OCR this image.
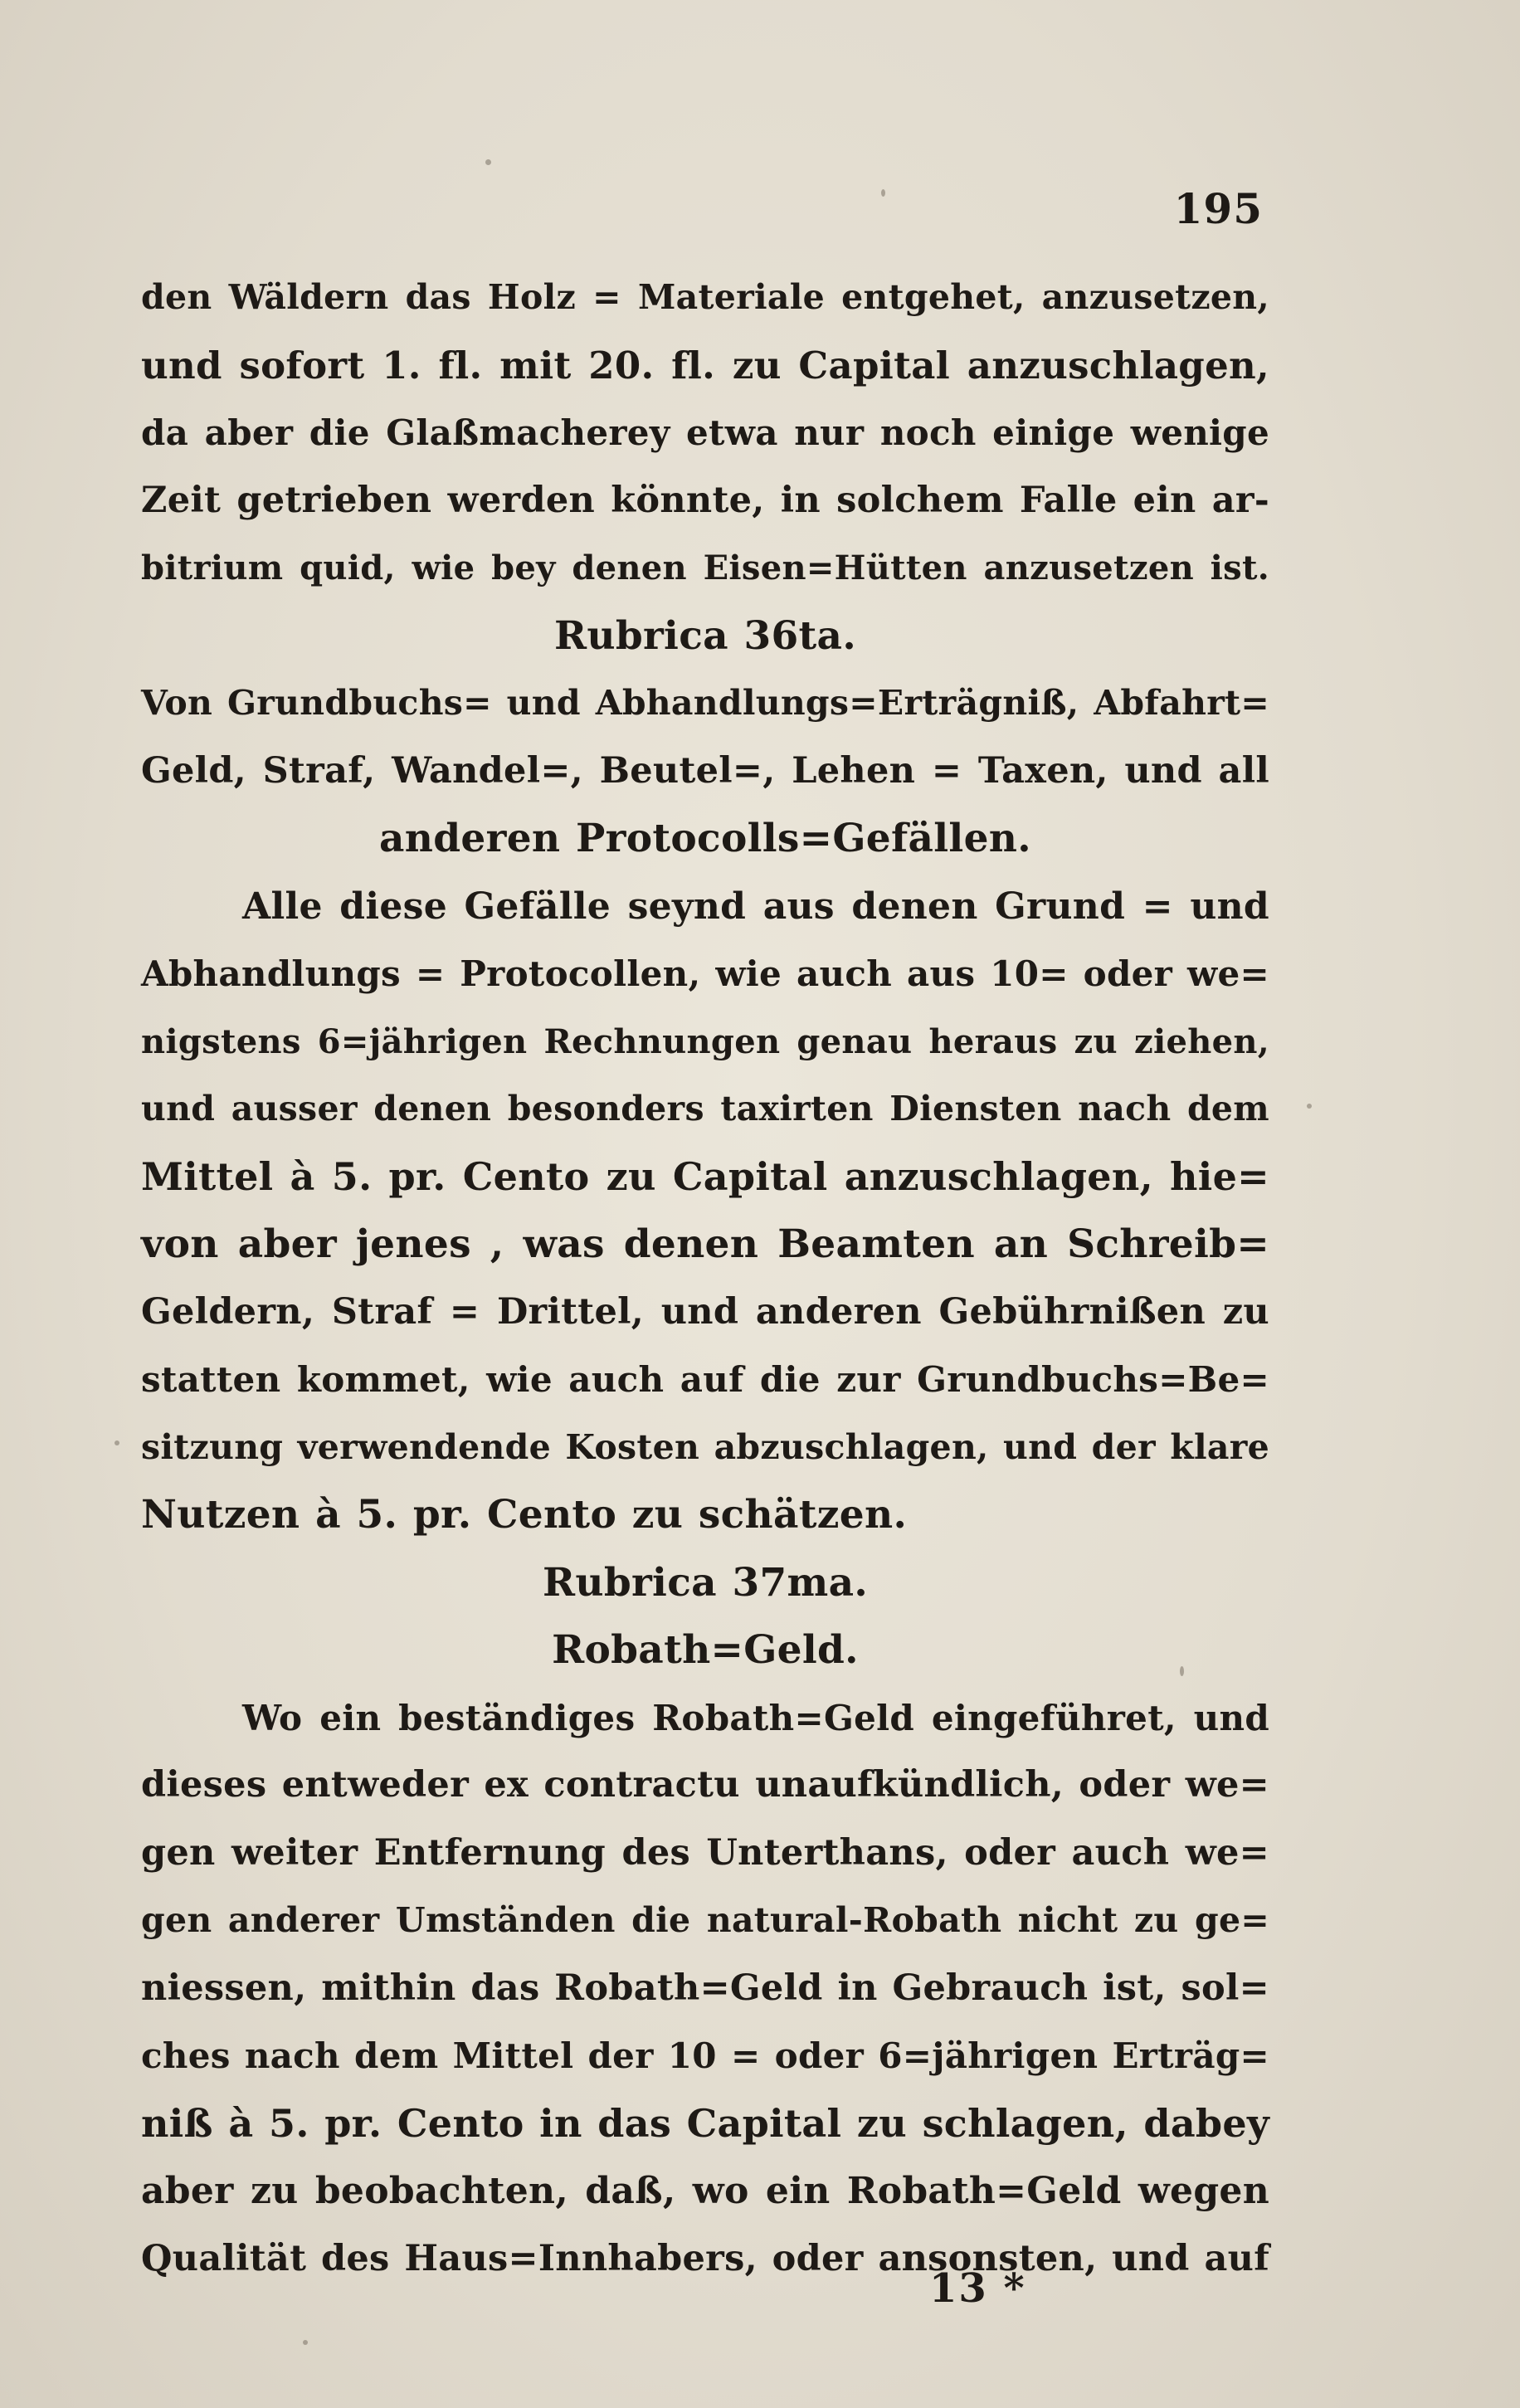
195
den Wäldern das Holz = Materiale entgehet, anzusetzen,
und sofort 1. fl. mit 20. fl. zu Capital anzuschlagen,
da aber die Glaßmacherey etwa nur noch einige wenige
Zeit getrieben werden könnte, in solchem Falle ein ar-
bitrium quid, wie bey denen Eisen=Hütten anzusetzen ist.
Rubrica 36ta.
Von Grundbuchs= und Abhandlungs=Erträgniß, Abfahrt=
Geld, Straf, Wandel=, Beutel=, Lehen = Taxen, und all
anderen Protocolls=Gefällen.
Alle diese Gefälle seynd aus denen Grund = und
Abhandlungs = Protocollen, wie auch aus 10= oder we=
nigstens 6=jährigen Rechnungen genau heraus zu ziehen,
und ausser denen besonders taxirten Diensten nach dem
Mittel à 5. pr. Cento zu Capital anzuschlagen, hie=
von aber jenes , was denen Beamten an Schreib=
Geldern, Straf = Drittel, und anderen Gebührnißen zu
statten kommet, wie auch auf die zur Grundbuchs=Be=
sitzung verwendende Kosten abzuschlagen, und der klare
Nutzen à 5. pr. Cento zu schätzen.
Rubrica 37ma.
Robath=Geld.
Wo ein beständiges Robath=Geld eingeführet, und
dieses entweder ex contractu unaufkündlich, oder we=
gen weiter Entfernung des Unterthans, oder auch we=
gen anderer Umständen die natural-Robath nicht zu ge=
niessen, mithin das Robath=Geld in Gebrauch ist, sol=
ches nach dem Mittel der 10 = oder 6=jährigen Erträg=
niß à 5. pr. Cento in das Capital zu schlagen, dabey
aber zu beobachten, daß, wo ein Robath=Geld wegen
Qualität des Haus=Innhabers, oder ansonsten, und auf
13 *
